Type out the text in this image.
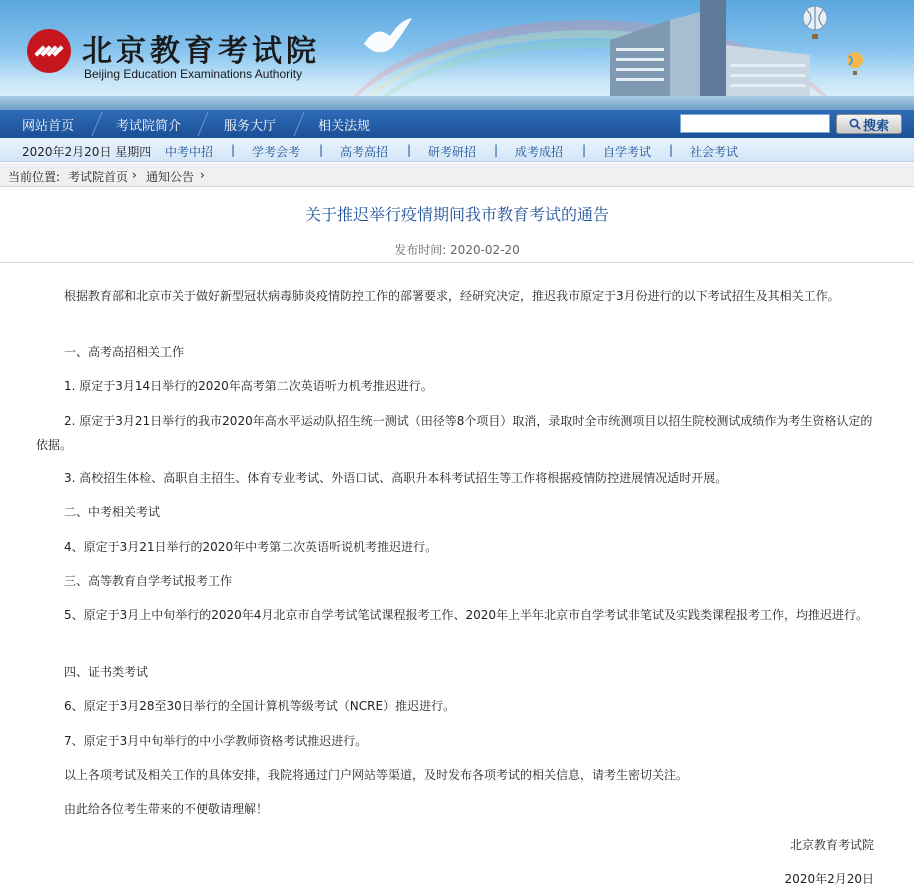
北京教育考试院
Beijing Education Examinations Authority
网站首页	考试院简介	服务大厅	相关法规	搜索
2020年2月20日 星期四 中考中招 | 学考会考 | 高考高招 | 研考研招 | 成考成招 | 自学考试 | 社会考试
当前位置: 考试院首页 › 通知公告 ›
关于推迟举行疫情期间我市教育考试的通告
发布时间: 2020-02-20
根据教育部和北京市关于做好新型冠状病毒肺炎疫情防控工作的部署要求，经研究决定，推迟我市原定于3月份进行的以下考试招生及其相关工作。
一、高考高招相关工作
1. 原定于3月14日举行的2020年高考第二次英语听力机考推迟进行。
2. 原定于3月21日举行的我市2020年高水平运动队招生统一测试（田径等8个项目）取消，录取时全市统测项目以招生院校测试成绩作为考生资格认定的依据。
3. 高校招生体检、高职自主招生、体育专业考试、外语口试、高职升本科考试招生等工作将根据疫情防控进展情况适时开展。
二、中考相关考试
4、原定于3月21日举行的2020年中考第二次英语听说机考推迟进行。
三、高等教育自学考试报考工作
5、原定于3月上中旬举行的2020年4月北京市自学考试笔试课程报考工作、2020年上半年北京市自学考试非笔试及实践类课程报考工作，均推迟进行。
四、证书类考试
6、原定于3月28至30日举行的全国计算机等级考试（NCRE）推迟进行。
7、原定于3月中旬举行的中小学教师资格考试推迟进行。
以上各项考试及相关工作的具体安排，我院将通过门户网站等渠道，及时发布各项考试的相关信息，请考生密切关注。
由此给各位考生带来的不便敬请理解！
北京教育考试院
2020年2月20日
